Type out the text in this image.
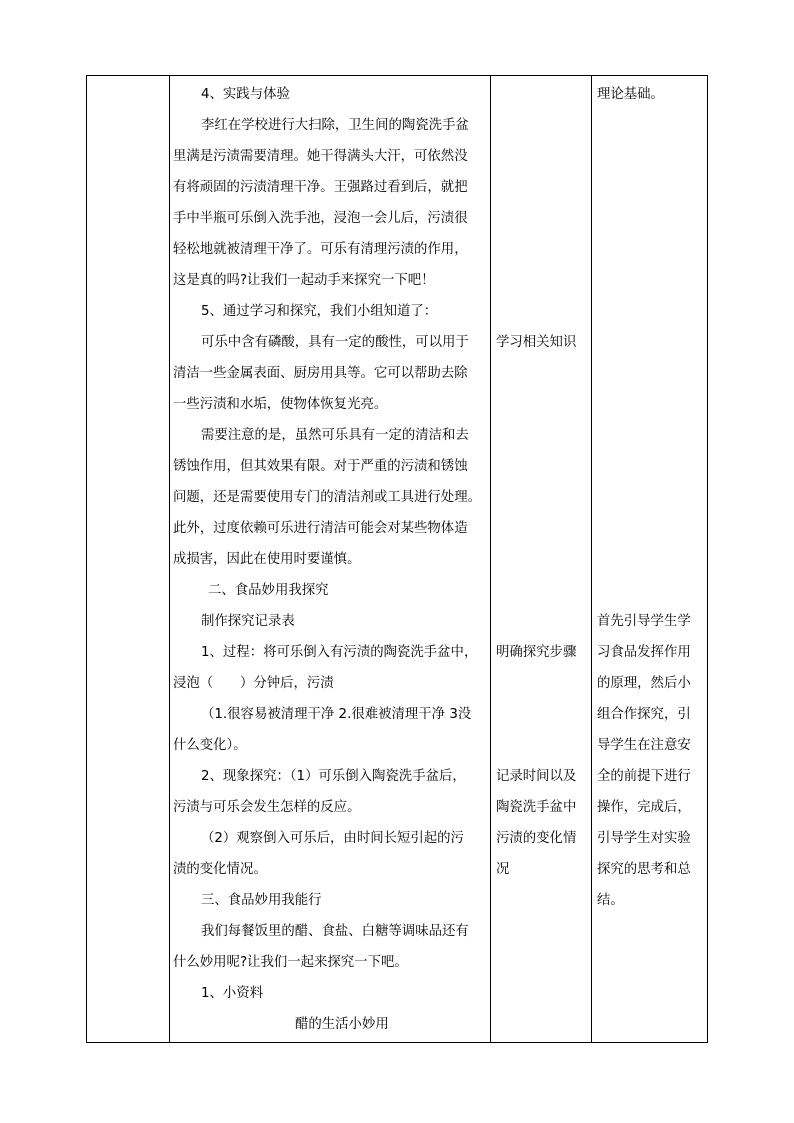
4、实践与体验
李红在学校进行大扫除，卫生间的陶瓷洗手盆
里满是污渍需要清理。她干得满头大汗，可依然没
有将顽固的污渍清理干净。王强路过看到后，就把
手中半瓶可乐倒入洗手池，浸泡一会儿后，污渍很
轻松地就被清理干净了。可乐有清理污渍的作用，
这是真的吗?让我们一起动手来探究一下吧！
5、通过学习和探究，我们小组知道了：
可乐中含有磷酸，具有一定的酸性，可以用于
清洁一些金属表面、厨房用具等。它可以帮助去除
一些污渍和水垢，使物体恢复光亮。
需要注意的是，虽然可乐具有一定的清洁和去
锈蚀作用，但其效果有限。对于严重的污渍和锈蚀
问题，还是需要使用专门的清洁剂或工具进行处理。
此外，过度依赖可乐进行清洁可能会对某些物体造
成损害，因此在使用时要谨慎。
二、食品妙用我探究
制作探究记录表
1、过程：将可乐倒入有污渍的陶瓷洗手盆中，
浸泡（　　）分钟后，污渍
（1.很容易被清理干净 2.很难被清理干净 3没
什么变化）。
2、现象探究：（1）可乐倒入陶瓷洗手盆后，
污渍与可乐会发生怎样的反应。
（2）观察倒入可乐后，由时间长短引起的污
渍的变化情况。
三、食品妙用我能行
我们每餐饭里的醋、食盐、白糖等调味品还有
什么妙用呢?让我们一起来探究一下吧。
1、小资料
醋的生活小妙用
学习相关知识
明确探究步骤
记录时间以及
陶瓷洗手盆中
污渍的变化情
况
理论基础。
首先引导学生学
习食品发挥作用
的原理，然后小
组合作探究，引
导学生在注意安
全的前提下进行
操作，完成后，
引导学生对实验
探究的思考和总
结。
